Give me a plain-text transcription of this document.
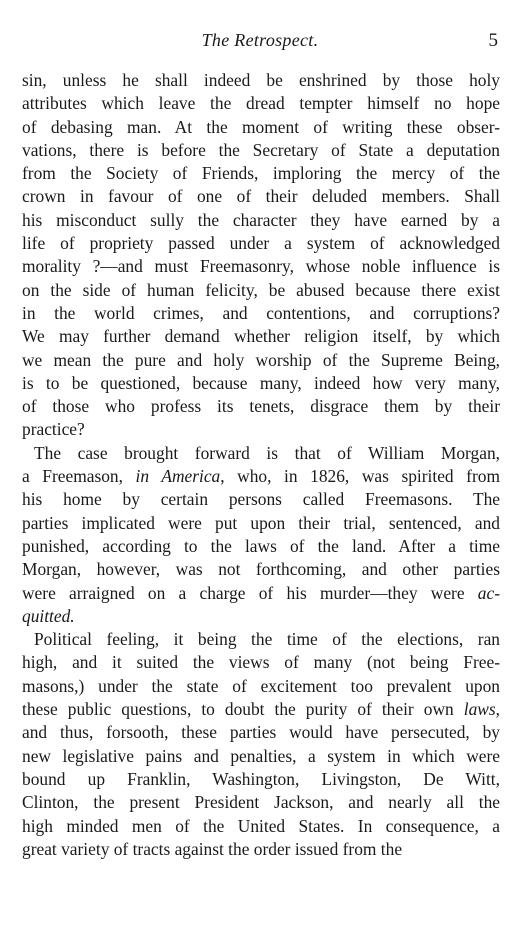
The Retrospect.	5
sin, unless he shall indeed be enshrined by those holy
attributes which leave the dread tempter himself no hope
of debasing man. At the moment of writing these obser-
vations, there is before the Secretary of State a deputation
from the Society of Friends, imploring the mercy of the
crown in favour of one of their deluded members. Shall
his misconduct sully the character they have earned by a
life of propriety passed under a system of acknowledged
morality ?—and must Freemasonry, whose noble influence is
on the side of human felicity, be abused because there exist
in the world crimes, and contentions, and corruptions?
We may further demand whether religion itself, by which
we mean the pure and holy worship of the Supreme Being,
is to be questioned, because many, indeed how very many,
of those who profess its tenets, disgrace them by their
practice?
The case brought forward is that of William Morgan,
a Freemason, in America, who, in 1826, was spirited from
his home by certain persons called Freemasons. The
parties implicated were put upon their trial, sentenced, and
punished, according to the laws of the land. After a time
Morgan, however, was not forthcoming, and other parties
were arraigned on a charge of his murder—they were ac-
quitted.
Political feeling, it being the time of the elections, ran
high, and it suited the views of many (not being Free-
masons,) under the state of excitement too prevalent upon
these public questions, to doubt the purity of their own laws,
and thus, forsooth, these parties would have persecuted, by
new legislative pains and penalties, a system in which were
bound up Franklin, Washington, Livingston, De Witt,
Clinton, the present President Jackson, and nearly all the
high minded men of the United States. In consequence, a
great variety of tracts against the order issued from the
